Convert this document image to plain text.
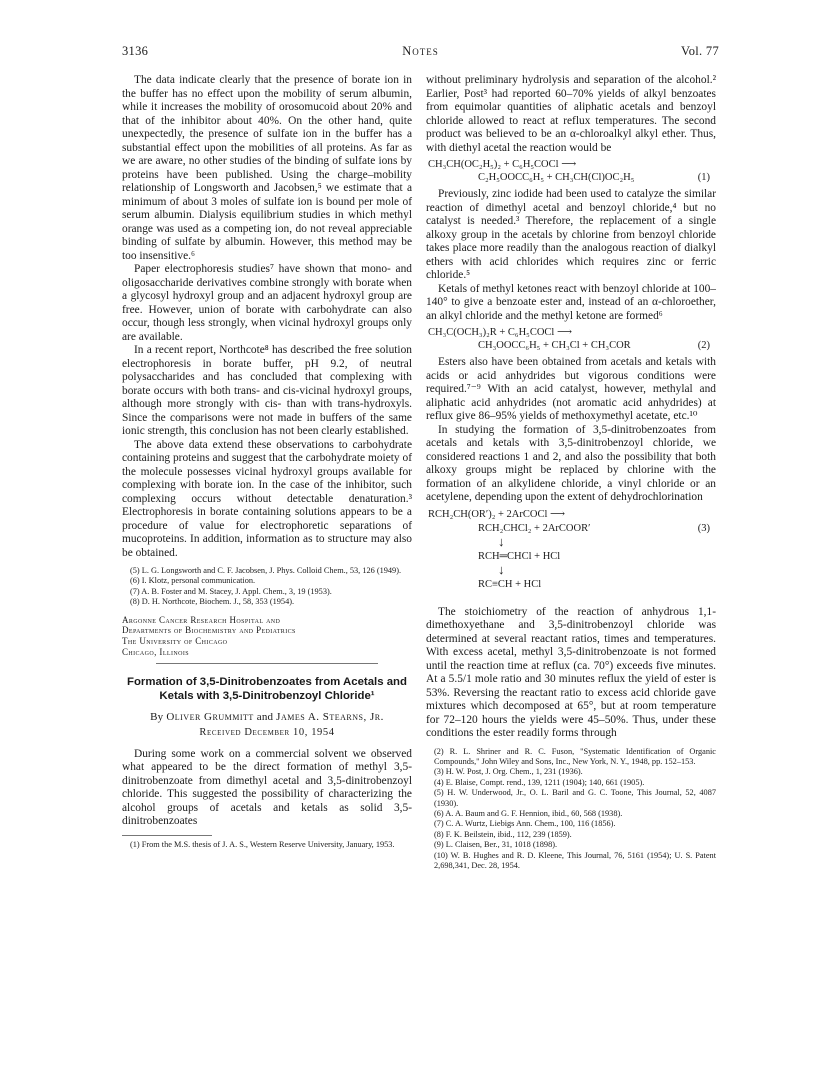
3136	Notes	Vol. 77

The data indicate clearly that the presence of borate ion in the buffer has no effect upon the mobility of serum albumin, while it increases the mobility of orosomucoid about 20% and that of the inhibitor about 40%. On the other hand, quite unexpectedly, the presence of sulfate ion in the buffer has a substantial effect upon the mobilities of all proteins. As far as we are aware, no other studies of the binding of sulfate ions by proteins have been published. Using the charge–mobility relationship of Longsworth and Jacobsen,⁵ we estimate that a minimum of about 3 moles of sulfate ion is bound per mole of serum albumin. Dialysis equilibrium studies in which methyl orange was used as a competing ion, do not reveal appreciable binding of sulfate by albumin. However, this method may be too insensitive.⁶

Paper electrophoresis studies⁷ have shown that mono- and oligosaccharide derivatives combine strongly with borate when a glycosyl hydroxyl group and an adjacent hydroxyl group are free. However, union of borate with carbohydrate can also occur, though less strongly, when vicinal hydroxyl groups only are available.

In a recent report, Northcote⁸ has described the free solution electrophoresis in borate buffer, pH 9.2, of neutral polysaccharides and has concluded that complexing with borate occurs with both trans- and cis-vicinal hydroxyl groups, although more strongly with cis- than with trans-hydroxyls. Since the comparisons were not made in buffers of the same ionic strength, this conclusion has not been clearly established.

The above data extend these observations to carbohydrate containing proteins and suggest that the carbohydrate moiety of the molecule possesses vicinal hydroxyl groups available for complexing with borate ion. In the case of the inhibitor, such complexing occurs without detectable denaturation.³ Electrophoresis in borate containing solutions appears to be a procedure of value for electrophoretic separations of mucoproteins. In addition, information as to structure may also be obtained.

(5) L. G. Longsworth and C. F. Jacobsen, J. Phys. Colloid Chem., 53, 126 (1949).

(6) I. Klotz, personal communication.

(7) A. B. Foster and M. Stacey, J. Appl. Chem., 3, 19 (1953).

(8) D. H. Northcote, Biochem. J., 58, 353 (1954).

Argonne Cancer Research Hospital and
Departments of Biochemistry and Pediatrics
The University of Chicago
Chicago, Illinois

Formation of 3,5-Dinitrobenzoates from Acetals and Ketals with 3,5-Dinitrobenzoyl Chloride¹

By Oliver Grummitt and James A. Stearns, Jr.
Received December 10, 1954

During some work on a commercial solvent we observed what appeared to be the direct formation of methyl 3,5-dinitrobenzoate from dimethyl acetal and 3,5-dinitrobenzoyl chloride. This suggested the possibility of characterizing the alcohol groups of acetals and ketals as solid 3,5-dinitrobenzoates

(1) From the M.S. thesis of J. A. S., Western Reserve University, January, 1953.

without preliminary hydrolysis and separation of the alcohol.² Earlier, Post³ had reported 60–70% yields of alkyl benzoates from equimolar quantities of aliphatic acetals and benzoyl chloride allowed to react at reflux temperatures. The second product was believed to be an α-chloroalkyl alkyl ether. Thus, with diethyl acetal the reaction would be

CH₃CH(OC₂H₅)₂ + C₆H₅COCl ⟶
C₂H₅OOCC₆H₅ + CH₃CH(Cl)OC₂H₅	(1)

Previously, zinc iodide had been used to catalyze the similar reaction of dimethyl acetal and benzoyl chloride,⁴ but no catalyst is needed.³ Therefore, the replacement of a single alkoxy group in the acetals by chlorine from benzoyl chloride takes place more readily than the analogous reaction of dialkyl ethers with acid chlorides which requires zinc or ferric chloride.⁵

Ketals of methyl ketones react with benzoyl chloride at 100–140° to give a benzoate ester and, instead of an α-chloroether, an alkyl chloride and the methyl ketone are formed⁶

CH₃C(OCH₃)₂R + C₆H₅COCl ⟶
CH₃OOCC₆H₅ + CH₃Cl + CH₃COR	(2)

Esters also have been obtained from acetals and ketals with acids or acid anhydrides but vigorous conditions were required.⁷⁻⁹ With an acid catalyst, however, methylal and aliphatic acid anhydrides (not aromatic acid anhydrides) at reflux give 86–95% yields of methoxymethyl acetate, etc.¹⁰

In studying the formation of 3,5-dinitrobenzoates from acetals and ketals with 3,5-dinitrobenzoyl chloride, we considered reactions 1 and 2, and also the possibility that both alkoxy groups might be replaced by chlorine with the formation of an alkylidene chloride, a vinyl chloride or an acetylene, depending upon the extent of dehydrochlorination

RCH₂CH(OR′)₂ + 2ArCOCl ⟶
RCH₂CHCl₂ + 2ArCOOR′	(3)
↓
RCH═CHCl + HCl
↓
RC≡CH + HCl

The stoichiometry of the reaction of anhydrous 1,1-dimethoxyethane and 3,5-dinitrobenzoyl chloride was determined at several reactant ratios, times and temperatures. With excess acetal, methyl 3,5-dinitrobenzoate is not formed until the reaction time at reflux (ca. 70°) exceeds five minutes. At a 5.5/1 mole ratio and 30 minutes reflux the yield of ester is 53%. Reversing the reactant ratio to excess acid chloride gave mixtures which decomposed at 65°, but at room temperature for 72–120 hours the yields were 45–50%. Thus, under these conditions the ester readily forms through

(2) R. L. Shriner and R. C. Fuson, "Systematic Identification of Organic Compounds," John Wiley and Sons, Inc., New York, N. Y., 1948, pp. 152–153.

(3) H. W. Post, J. Org. Chem., 1, 231 (1936).

(4) E. Blaise, Compt. rend., 139, 1211 (1904); 140, 661 (1905).

(5) H. W. Underwood, Jr., O. L. Baril and G. C. Toone, This Journal, 52, 4087 (1930).

(6) A. A. Baum and G. F. Hennion, ibid., 60, 568 (1938).

(7) C. A. Wurtz, Liebigs Ann. Chem., 100, 116 (1856).

(8) F. K. Beilstein, ibid., 112, 239 (1859).

(9) L. Claisen, Ber., 31, 1018 (1898).

(10) W. B. Hughes and R. D. Kleene, This Journal, 76, 5161 (1954); U. S. Patent 2,698,341, Dec. 28, 1954.
